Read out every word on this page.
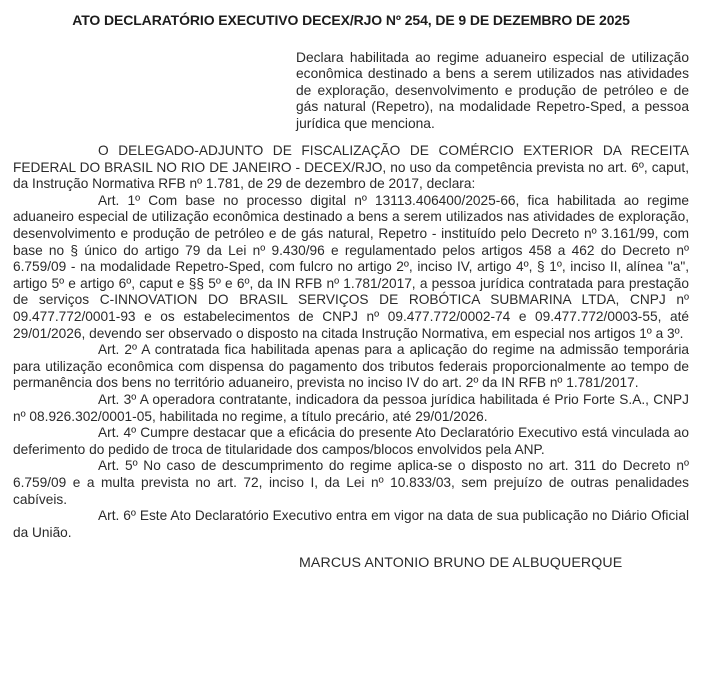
ATO DECLARATÓRIO EXECUTIVO DECEX/RJO Nº 254, DE 9 DE DEZEMBRO DE 2025
Declara habilitada ao regime aduaneiro especial de utilização econômica destinado a bens a serem utilizados nas atividades de exploração, desenvolvimento e produção de petróleo e de gás natural (Repetro), na modalidade Repetro-Sped, a pessoa jurídica que menciona.

O DELEGADO-ADJUNTO DE FISCALIZAÇÃO DE COMÉRCIO EXTERIOR DA RECEITA FEDERAL DO BRASIL NO RIO DE JANEIRO - DECEX/RJO, no uso da competência prevista no art. 6º, caput, da Instrução Normativa RFB nº 1.781, de 29 de dezembro de 2017, declara:

Art. 1º Com base no processo digital nº 13113.406400/2025-66, fica habilitada ao regime aduaneiro especial de utilização econômica destinado a bens a serem utilizados nas atividades de exploração, desenvolvimento e produção de petróleo e de gás natural, Repetro - instituído pelo Decreto nº 3.161/99, com base no § único do artigo 79 da Lei nº 9.430/96 e regulamentado pelos artigos 458 a 462 do Decreto nº 6.759/09 - na modalidade Repetro-Sped, com fulcro no artigo 2º, inciso IV, artigo 4º, § 1º, inciso II, alínea "a", artigo 5º e artigo 6º, caput e §§ 5º e 6º, da IN RFB nº 1.781/2017, a pessoa jurídica contratada para prestação de serviços C-INNOVATION DO BRASIL SERVIÇOS DE ROBÓTICA SUBMARINA LTDA, CNPJ nº 09.477.772/0001-93 e os estabelecimentos de CNPJ nº 09.477.772/0002-74 e 09.477.772/0003-55, até 29/01/2026, devendo ser observado o disposto na citada Instrução Normativa, em especial nos artigos 1º a 3º.

Art. 2º A contratada fica habilitada apenas para a aplicação do regime na admissão temporária para utilização econômica com dispensa do pagamento dos tributos federais proporcionalmente ao tempo de permanência dos bens no território aduaneiro, prevista no inciso IV do art. 2º da IN RFB nº 1.781/2017.

Art. 3º A operadora contratante, indicadora da pessoa jurídica habilitada é Prio Forte S.A., CNPJ nº 08.926.302/0001-05, habilitada no regime, a título precário, até 29/01/2026.

Art. 4º Cumpre destacar que a eficácia do presente Ato Declaratório Executivo está vinculada ao deferimento do pedido de troca de titularidade dos campos/blocos envolvidos pela ANP.

Art. 5º No caso de descumprimento do regime aplica-se o disposto no art. 311 do Decreto nº 6.759/09 e a multa prevista no art. 72, inciso I, da Lei nº 10.833/03, sem prejuízo de outras penalidades cabíveis.

Art. 6º Este Ato Declaratório Executivo entra em vigor na data de sua publicação no Diário Oficial da União.

MARCUS ANTONIO BRUNO DE ALBUQUERQUE
